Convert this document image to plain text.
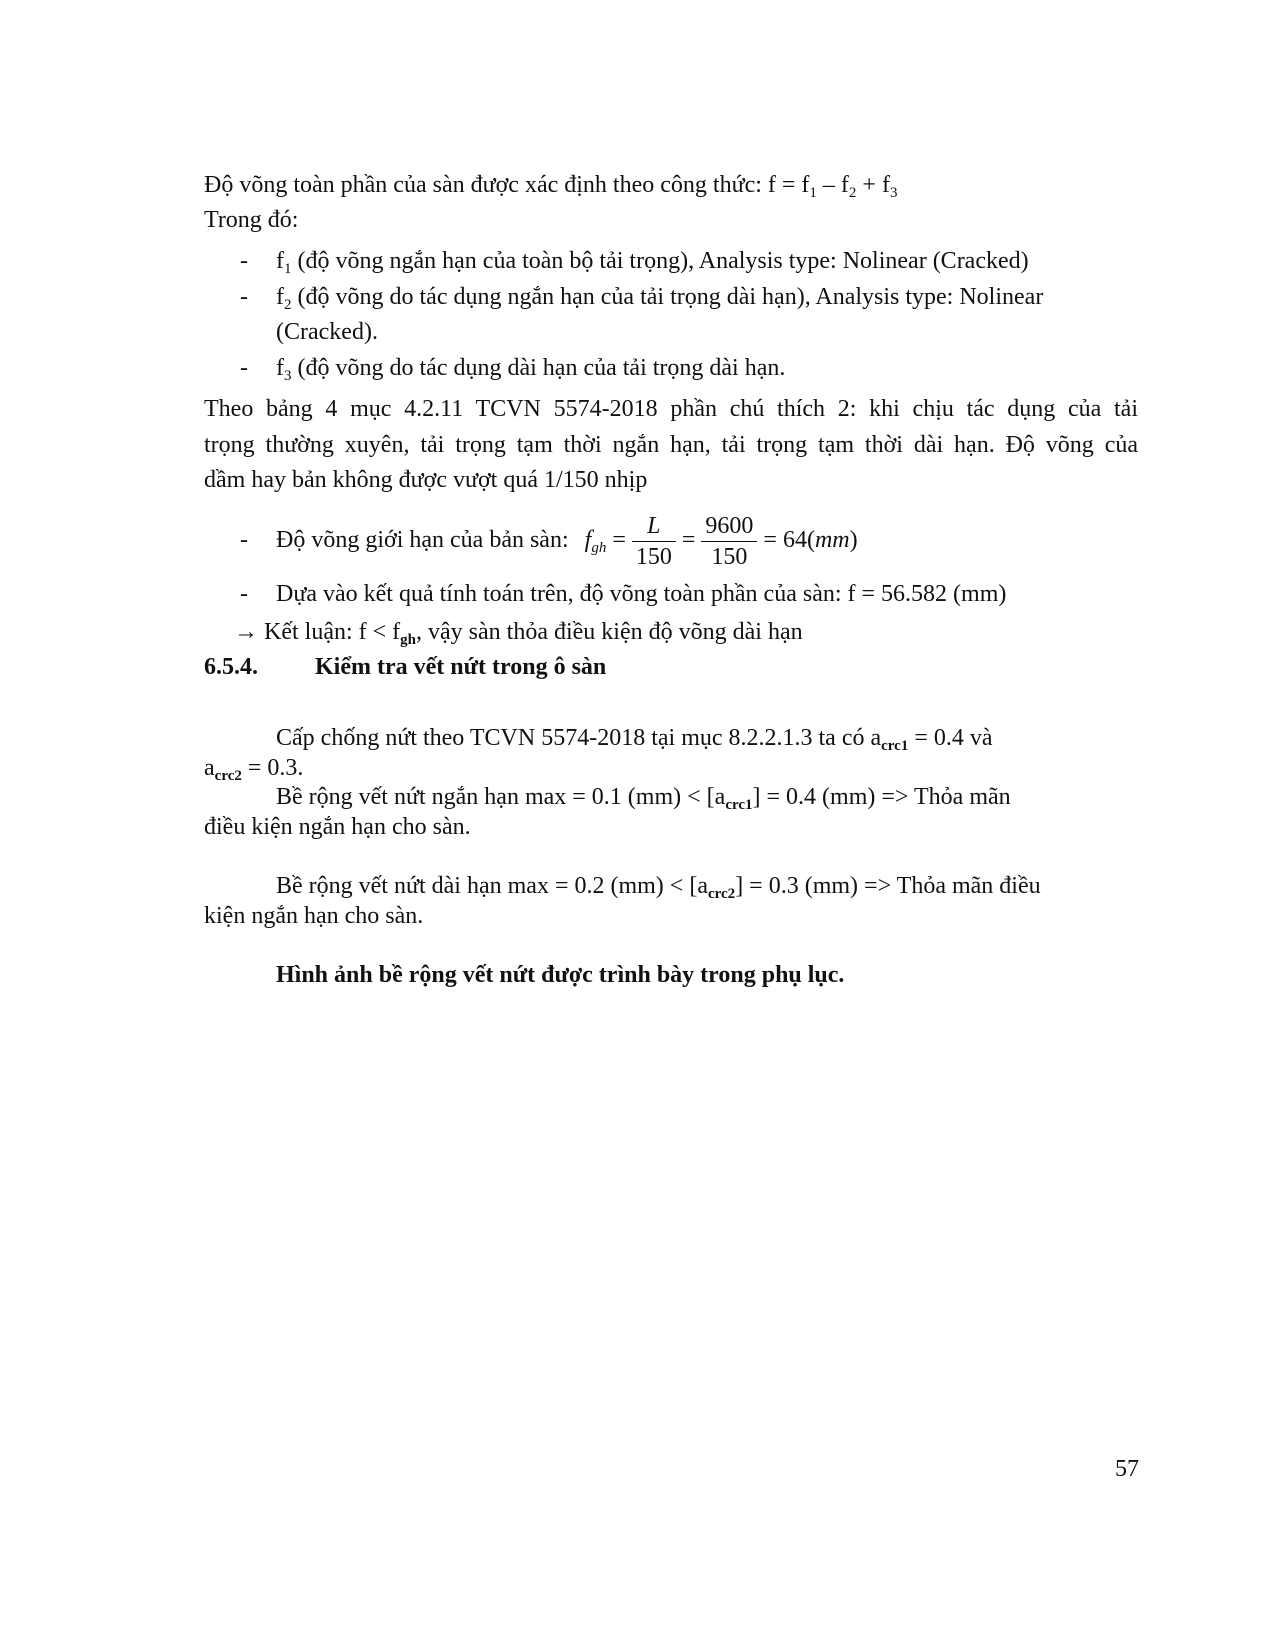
Độ võng toàn phần của sàn được xác định theo công thức: $f = f_1 - f_2 + f_3$
Trong đó:
- $f_1$ (độ võng ngắn hạn của toàn bộ tải trọng), Analysis type: Nolinear (Cracked)
- $f_2$ (độ võng do tác dụng ngắn hạn của tải trọng dài hạn), Analysis type: Nolinear
(Cracked).
- $f_3$ (độ võng do tác dụng dài hạn của tải trọng dài hạn.
Theo bảng 4 mục 4.2.11 TCVN 5574-2018 phần chú thích 2: khi chịu tác dụng của tải
trọng thường xuyên, tải trọng tạm thời ngắn hạn, tải trọng tạm thời dài hạn. Độ võng của
dầm hay bản không được vượt quá 1/150 nhịp
- Độ võng giới hạn của bản sàn: $f_{gh} = \frac{L}{150} = \frac{9600}{150} = 64(mm)$
- Dựa vào kết quả tính toán trên, độ võng toàn phần của sàn: f = 56.582 (mm)
→ Kết luận: $f < f_{gh}$, vậy sàn thỏa điều kiện độ võng dài hạn
6.5.4. Kiểm tra vết nứt trong ô sàn
Cấp chống nứt theo TCVN 5574-2018 tại mục 8.2.2.1.3 ta có $a_{crc1} = 0.4$ và
$a_{crc2} = 0.3$.
Bề rộng vết nứt ngắn hạn max = 0.1 $(mm) < [a_{crc1}] = 0.4$ (mm) => Thỏa mãn
điều kiện ngắn hạn cho sàn.
Bề rộng vết nứt dài hạn max = 0.2 $(mm) < [a_{crc2}] = 0.3$ (mm) => Thỏa mãn điều
kiện ngắn hạn cho sàn.
Hình ảnh bề rộng vết nứt được trình bày trong phụ lục.
57
